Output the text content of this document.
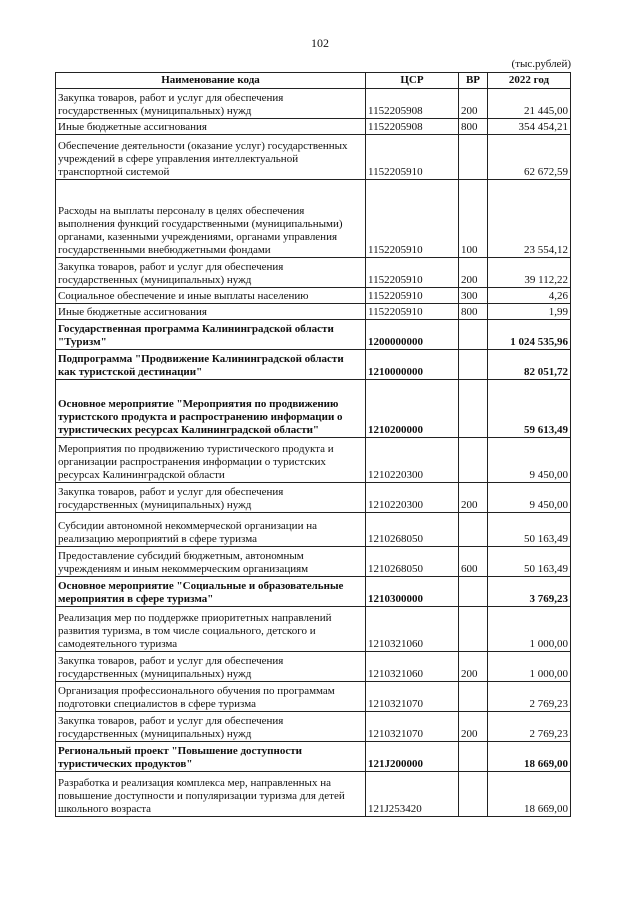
102
(тыс.рублей)
Наименование кода	ЦСР	ВР	2022 год
Закупка товаров, работ и услуг для обеспечения государственных (муниципальных) нужд	1152205908	200	21 445,00
Иные бюджетные ассигнования	1152205908	800	354 454,21
Обеспечение деятельности (оказание услуг) государственных учреждений в сфере управления интеллектуальной транспортной системой	1152205910		62 672,59
Расходы на выплаты персоналу в целях обеспечения выполнения функций государственными (муниципальными) органами, казенными учреждениями, органами управления государственными внебюджетными фондами	1152205910	100	23 554,12
Закупка товаров, работ и услуг для обеспечения государственных (муниципальных) нужд	1152205910	200	39 112,22
Социальное обеспечение и иные выплаты населению	1152205910	300	4,26
Иные бюджетные ассигнования	1152205910	800	1,99
Государственная программа Калининградской области "Туризм"	1200000000		1 024 535,96
Подпрограмма "Продвижение Калининградской области как туристской дестинации"	1210000000		82 051,72
Основное мероприятие "Мероприятия по продвижению туристского продукта и распространению информации о туристических ресурсах Калининградской области"	1210200000		59 613,49
Мероприятия по продвижению туристического продукта и организации распространения информации о туристских ресурсах Калининградской области	1210220300		9 450,00
Закупка товаров, работ и услуг для обеспечения государственных (муниципальных) нужд	1210220300	200	9 450,00
Субсидии автономной некоммерческой организации на реализацию мероприятий в сфере туризма	1210268050		50 163,49
Предоставление субсидий бюджетным, автономным учреждениям и иным некоммерческим организациям	1210268050	600	50 163,49
Основное мероприятие "Социальные и образовательные мероприятия в сфере туризма"	1210300000		3 769,23
Реализация мер по поддержке приоритетных направлений развития туризма, в том числе социального, детского и самодеятельного туризма	1210321060		1 000,00
Закупка товаров, работ и услуг для обеспечения государственных (муниципальных) нужд	1210321060	200	1 000,00
Организация профессионального обучения по программам подготовки специалистов в сфере туризма	1210321070		2 769,23
Закупка товаров, работ и услуг для обеспечения государственных (муниципальных) нужд	1210321070	200	2 769,23
Региональный проект "Повышение доступности туристических продуктов"	121J200000		18 669,00
Разработка и реализация комплекса мер, направленных на повышение доступности и популяризации туризма для детей школьного возраста	121J253420		18 669,00
